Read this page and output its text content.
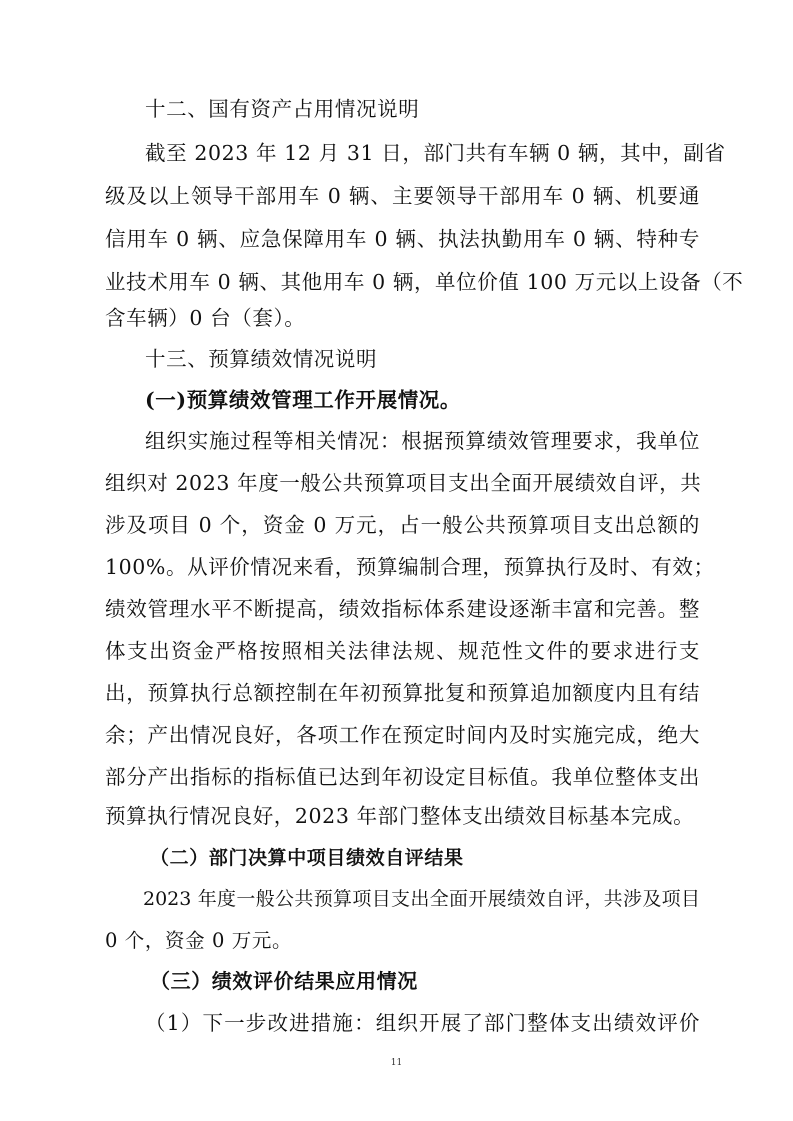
十二、国有资产占用情况说明
截至 2023 年 12 月 31 日，部门共有车辆 0 辆，其中，副省
级及以上领导干部用车 0 辆、主要领导干部用车 0 辆、机要通
信用车 0 辆、应急保障用车 0 辆、执法执勤用车 0 辆、特种专
业技术用车 0 辆、其他用车 0 辆，单位价值 100 万元以上设备（不
含车辆）0 台（套）。
十三、预算绩效情况说明
(一)预算绩效管理工作开展情况。
组织实施过程等相关情况：根据预算绩效管理要求，我单位
组织对 2023 年度一般公共预算项目支出全面开展绩效自评，共
涉及项目 0 个，资金 0 万元，占一般公共预算项目支出总额的
100%。从评价情况来看，预算编制合理，预算执行及时、有效；
绩效管理水平不断提高，绩效指标体系建设逐渐丰富和完善。整
体支出资金严格按照相关法律法规、规范性文件的要求进行支
出，预算执行总额控制在年初预算批复和预算追加额度内且有结
余；产出情况良好，各项工作在预定时间内及时实施完成，绝大
部分产出指标的指标值已达到年初设定目标值。我单位整体支出
预算执行情况良好，2023 年部门整体支出绩效目标基本完成。
（二）部门决算中项目绩效自评结果
2023 年度一般公共预算项目支出全面开展绩效自评，共涉及项目
0 个，资金 0 万元。
（三）绩效评价结果应用情况
（1）下一步改进措施：组织开展了部门整体支出绩效评价
11
